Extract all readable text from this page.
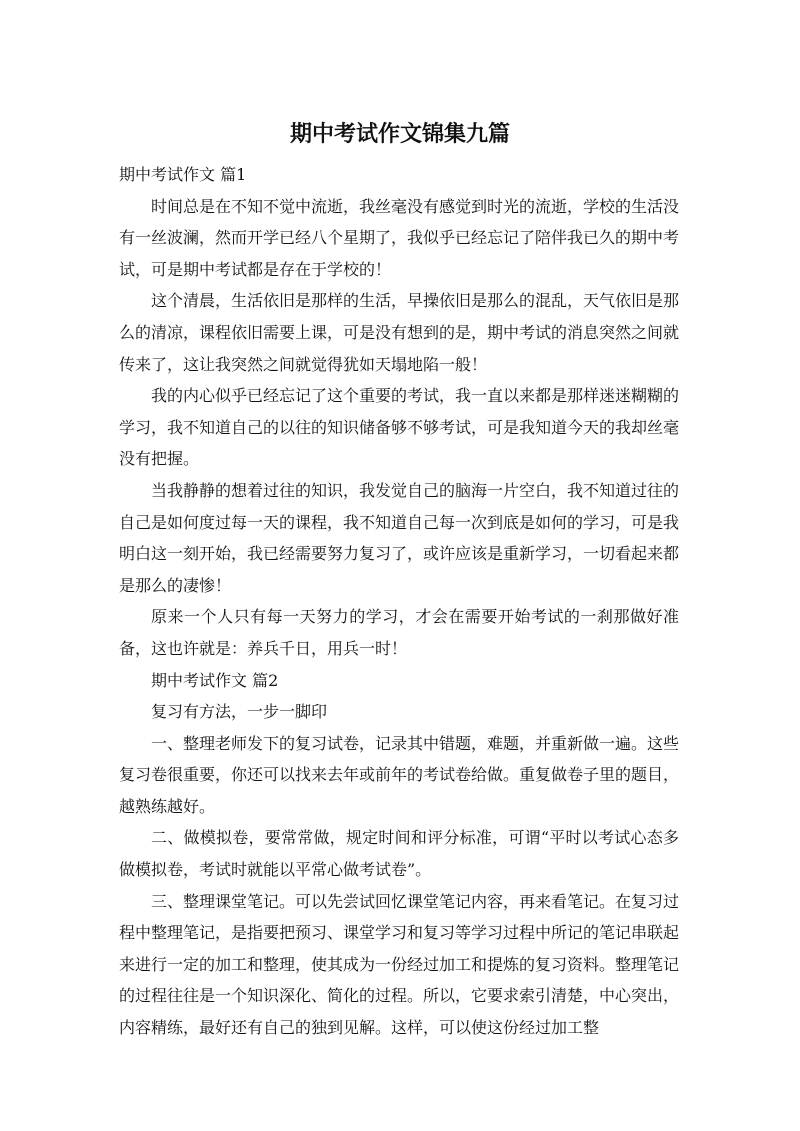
期中考试作文锦集九篇

期中考试作文 篇1

时间总是在不知不觉中流逝，我丝毫没有感觉到时光的流逝，学校的生活没有一丝波澜，然而开学已经八个星期了，我似乎已经忘记了陪伴我已久的期中考试，可是期中考试都是存在于学校的！

这个清晨，生活依旧是那样的生活，早操依旧是那么的混乱，天气依旧是那么的清凉，课程依旧需要上课，可是没有想到的是，期中考试的消息突然之间就传来了，这让我突然之间就觉得犹如天塌地陷一般！

我的内心似乎已经忘记了这个重要的考试，我一直以来都是那样迷迷糊糊的学习，我不知道自己的以往的知识储备够不够考试，可是我知道今天的我却丝毫没有把握。

当我静静的想着过往的知识，我发觉自己的脑海一片空白，我不知道过往的自己是如何度过每一天的课程，我不知道自己每一次到底是如何的学习，可是我明白这一刻开始，我已经需要努力复习了，或许应该是重新学习，一切看起来都是那么的凄惨！

原来一个人只有每一天努力的学习，才会在需要开始考试的一刹那做好准备，这也许就是：养兵千日，用兵一时！

期中考试作文 篇2

复习有方法，一步一脚印

一、整理老师发下的复习试卷，记录其中错题，难题，并重新做一遍。这些复习卷很重要，你还可以找来去年或前年的考试卷给做。重复做卷子里的题目，越熟练越好。

二、做模拟卷，要常常做，规定时间和评分标准，可谓“平时以考试心态多做模拟卷，考试时就能以平常心做考试卷”。

三、整理课堂笔记。可以先尝试回忆课堂笔记内容，再来看笔记。在复习过程中整理笔记，是指要把预习、课堂学习和复习等学习过程中所记的笔记串联起来进行一定的加工和整理，使其成为一份经过加工和提炼的复习资料。整理笔记的过程往往是一个知识深化、简化的过程。所以，它要求索引清楚，中心突出，内容精练，最好还有自己的独到见解。这样，可以使这份经过加工整
